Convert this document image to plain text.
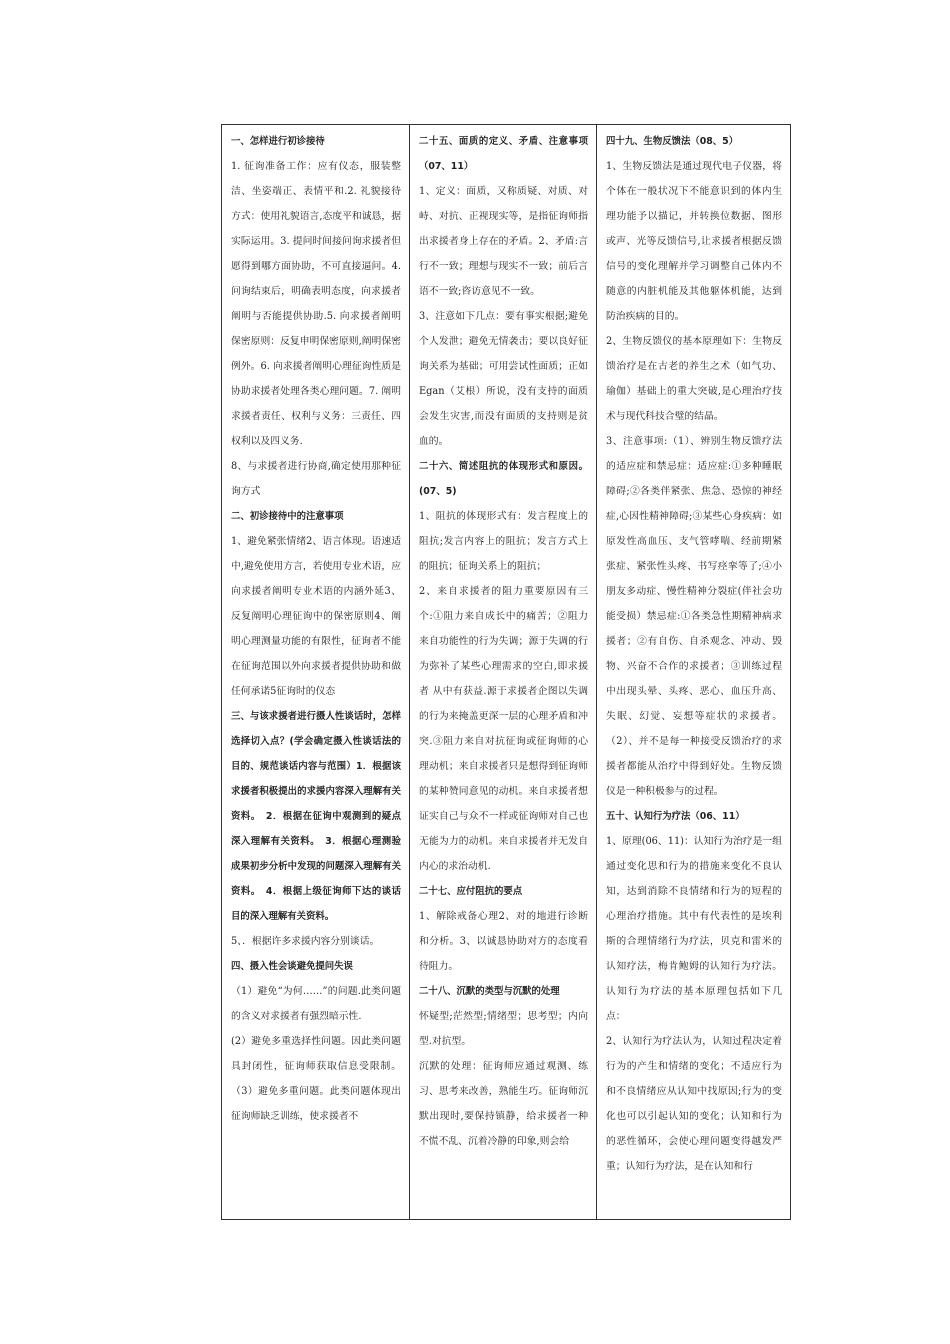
一、怎样进行初诊接待

1. 征询准备工作：应有仪态，服装整洁、坐姿端正、表情平和.2. 礼貌接待方式：使用礼貌语言,态度平和诚恳，据实际运用。3. 提问时间接问询求援者但愿得到哪方面协助，不可直接逼问。4. 问询结束后，明确表明态度，向求援者阐明与否能提供协助.5. 向求援者阐明保密原则：反复申明保密原则,阐明保密例外。6. 向求援者阐明心理征询性质是协助求援者处理各类心理问题。7. 阐明求援者责任、权利与义务：三责任、四权利以及四义务.

8、与求援者进行协商,确定使用那种征询方式

二、初诊接待中的注意事项

1、避免紧张情绪2、语言体现。语速适中,避免使用方言，若使用专业术语，应向求援者阐明专业术语的内涵外延3、反复阐明心理征询中的保密原则4、阐明心理测量功能的有限性，征询者不能在征询范围以外向求援者提供协助和做任何承诺5征询时的仪态

三、与该求援者进行摄人性谈话时，怎样选择切入点？(学会确定摄入性谈话法的目的、规范谈话内容与范围）1．根据该求援者积极提出的求援内容深入理解有关资料。　2．根据在征询中观测到的疑点深入理解有关资料。　3．根据心理测验成果初步分析中发现的问题深入理解有关资料。　4．根据上级征询师下达的谈话目的深入理解有关资料。

5、．根据许多求援内容分别谈话。

四、摄入性会谈避免提问失误

（1）避免“为何……”的问题.此类问题的含义对求援者有强烈暗示性.

(2）避免多重选择性问题。因此类问题具封闭性，征询师获取信息受限制。（3）避免多重问题。此类问题体现出征询师缺乏训练，使求援者不

二十五、面质的定义、矛盾、注意事项（07、11）

1、定义：面质，又称质疑、对质、对峙、对抗、正视现实等，是指征询师指出求援者身上存在的矛盾。2、矛盾:言行不一致；理想与现实不一致；前后言语不一致;咨访意见不一致。

3、注意如下几点：要有事实根据;避免个人发泄；避免无情袭击；要以良好征询关系为基础；可用尝试性面质；正如Egan（艾根）所说，没有支持的面质会发生灾害,而没有面质的支持则是贫血的。

二十六、简述阻抗的体现形式和原因。(07、5)

1、阻抗的体现形式有：发言程度上的阻抗;发言内容上的阻抗；发言方式上的阻抗；征询关系上的阻抗；

2、来自求援者的阻力重要原因有三个:①阻力来自成长中的痛苦；②阻力来自功能性的行为失调；源于失调的行为弥补了某些心理需求的空白,即求援者 从中有获益.源于求援者企图以失调的行为来掩盖更深一层的心理矛盾和冲突.③阻力来自对抗征询或征询师的心理动机；来自求援者只是想得到征询师的某种赞同意见的动机。来自求援者想证实自己与众不一样或征询师对自己也无能为力的动机。来自求援者并无发自内心的求治动机.

二十七、应付阻抗的要点

1、解除戒备心理2、对的地进行诊断和分析。3、以诚恳协助对方的态度看待阻力。

二十八、沉默的类型与沉默的处理

怀疑型;茫然型;情绪型；思考型；内向型.对抗型。

沉默的处理：征询师应通过观测、练习、思考来改善，熟能生巧。征询师沉默出现时,要保持镇静，给求援者一种不慌不乱、沉着冷静的印象,则会给

四十九、生物反馈法（08、5）

1、生物反馈法是通过现代电子仪器，将个体在一般状况下不能意识到的体内生理功能予以描记，并转换位数据、图形或声、光等反馈信号,让求援者根据反馈信号的变化理解并学习调整自己体内不随意的内脏机能及其他躯体机能，达到防治疾病的目的。

2、生物反馈仪的基本原理如下：生物反馈治疗是在古老的养生之术（如气功、瑜伽）基础上的重大突破,是心理治疗技术与现代科技合璧的结晶。

3、注意事项:（1）、辨别生物反馈疗法的适应症和禁忌症：适应症:①多种睡眠障碍;②各类伴紧张、焦急、恐惊的神经症,心因性精神障碍;③某些心身疾病：如原发性高血压、支气管哮喘、经前期紧张症、紧张性头疼、书写痉挛等了;④小朋友多动症、慢性精神分裂症(伴社会功能受损）禁忌症:①各类急性期精神病求援者；②有自伤、自杀观念、冲动、毁物、兴奋不合作的求援者；③训练过程中出现头晕、头疼、恶心、血压升高、失眠、幻觉、妄想等症状的求援者。（2）、并不是每一种接受反馈治疗的求援者都能从治疗中得到好处。生物反馈仪是一种积极参与的过程。

五十、认知行为疗法（06、11）

1、原理(06、11)：认知行为治疗是一组通过变化思和行为的措施来变化不良认知，达到消除不良情绪和行为的短程的心理治疗措施。其中有代表性的是埃利斯的合理情绪行为疗法，贝克和雷米的认知疗法，梅肯鲍姆的认知行为疗法。认知行为疗法的基本原理包括如下几点：

2、认知行为疗法认为，认知过程决定着行为的产生和情绪的变化；不适应行为和不良情绪应从认知中找原因;行为的变化也可以引起认知的变化；认知和行为的恶性循环，会使心理问题变得越发严重；认知行为疗法，是在认知和行
